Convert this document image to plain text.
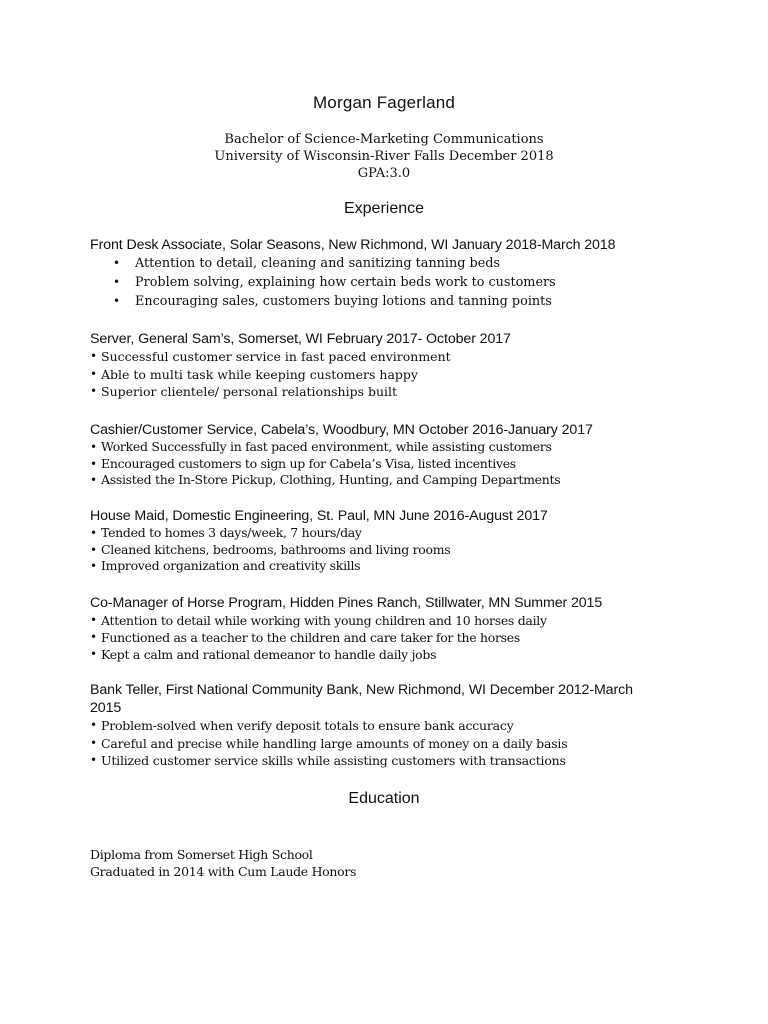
Morgan Fagerland
Bachelor of Science-Marketing Communications
University of Wisconsin-River Falls December 2018
GPA:3.0
Experience
Front Desk Associate, Solar Seasons, New Richmond, WI January 2018-March 2018
• Attention to detail, cleaning and sanitizing tanning beds
• Problem solving, explaining how certain beds work to customers
• Encouraging sales, customers buying lotions and tanning points
Server, General Sam’s, Somerset, WI February 2017- October 2017
• Successful customer service in fast paced environment
• Able to multi task while keeping customers happy
• Superior clientele/ personal relationships built
Cashier/Customer Service, Cabela’s, Woodbury, MN October 2016-January 2017
• Worked Successfully in fast paced environment, while assisting customers
• Encouraged customers to sign up for Cabela’s Visa, listed incentives
• Assisted the In-Store Pickup, Clothing, Hunting, and Camping Departments
House Maid, Domestic Engineering, St. Paul, MN June 2016-August 2017
• Tended to homes 3 days/week, 7 hours/day
• Cleaned kitchens, bedrooms, bathrooms and living rooms
• Improved organization and creativity skills
Co-Manager of Horse Program, Hidden Pines Ranch, Stillwater, MN Summer 2015
• Attention to detail while working with young children and 10 horses daily
• Functioned as a teacher to the children and care taker for the horses
• Kept a calm and rational demeanor to handle daily jobs
Bank Teller, First National Community Bank, New Richmond, WI December 2012-March
2015
• Problem-solved when verify deposit totals to ensure bank accuracy
• Careful and precise while handling large amounts of money on a daily basis
• Utilized customer service skills while assisting customers with transactions
Education
Diploma from Somerset High School
Graduated in 2014 with Cum Laude Honors
